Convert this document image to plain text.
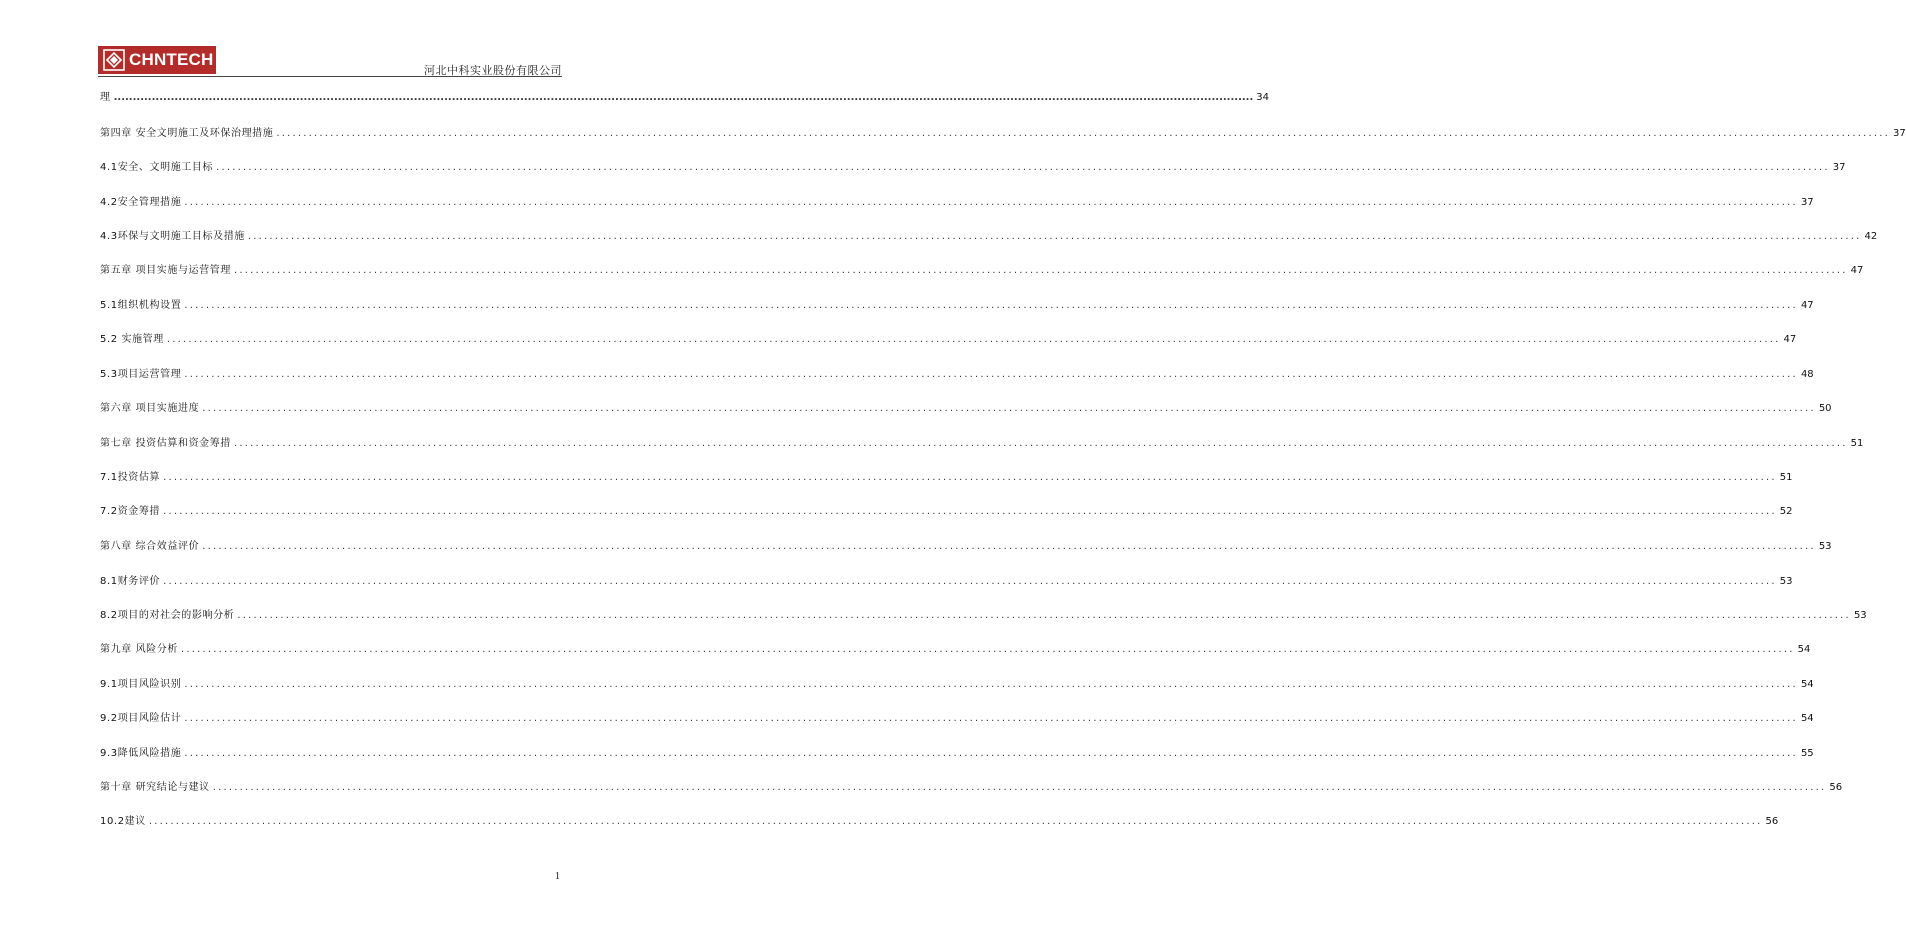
CHNTECH
河北中科实业股份有限公司
理 ............................................................................................................................................................................................................................................................................................................ 34
第四章 安全文明施工及环保治理措施 ............................................................................................................................................................................................................................................................................................................ 37
4.1安全、文明施工目标 ............................................................................................................................................................................................................................................................................................................ 37
4.2安全管理措施 ............................................................................................................................................................................................................................................................................................................ 37
4.3环保与文明施工目标及措施 ............................................................................................................................................................................................................................................................................................................ 42
第五章 项目实施与运营管理 ............................................................................................................................................................................................................................................................................................................ 47
5.1组织机构设置 ............................................................................................................................................................................................................................................................................................................ 47
5.2 实施管理 ............................................................................................................................................................................................................................................................................................................ 47
5.3项目运营管理 ............................................................................................................................................................................................................................................................................................................ 48
第六章 项目实施进度 ............................................................................................................................................................................................................................................................................................................ 50
第七章 投资估算和资金筹措 ............................................................................................................................................................................................................................................................................................................ 51
7.1投资估算 ............................................................................................................................................................................................................................................................................................................ 51
7.2资金筹措 ............................................................................................................................................................................................................................................................................................................ 52
第八章 综合效益评价 ............................................................................................................................................................................................................................................................................................................ 53
8.1财务评价 ............................................................................................................................................................................................................................................................................................................ 53
8.2项目的对社会的影响分析 ............................................................................................................................................................................................................................................................................................................ 53
第九章 风险分析 ............................................................................................................................................................................................................................................................................................................ 54
9.1项目风险识别 ............................................................................................................................................................................................................................................................................................................ 54
9.2项目风险估计 ............................................................................................................................................................................................................................................................................................................ 54
9.3降低风险措施 ............................................................................................................................................................................................................................................................................................................ 55
第十章 研究结论与建议 ............................................................................................................................................................................................................................................................................................................ 56
10.2建议 ............................................................................................................................................................................................................................................................................................................ 56
1
